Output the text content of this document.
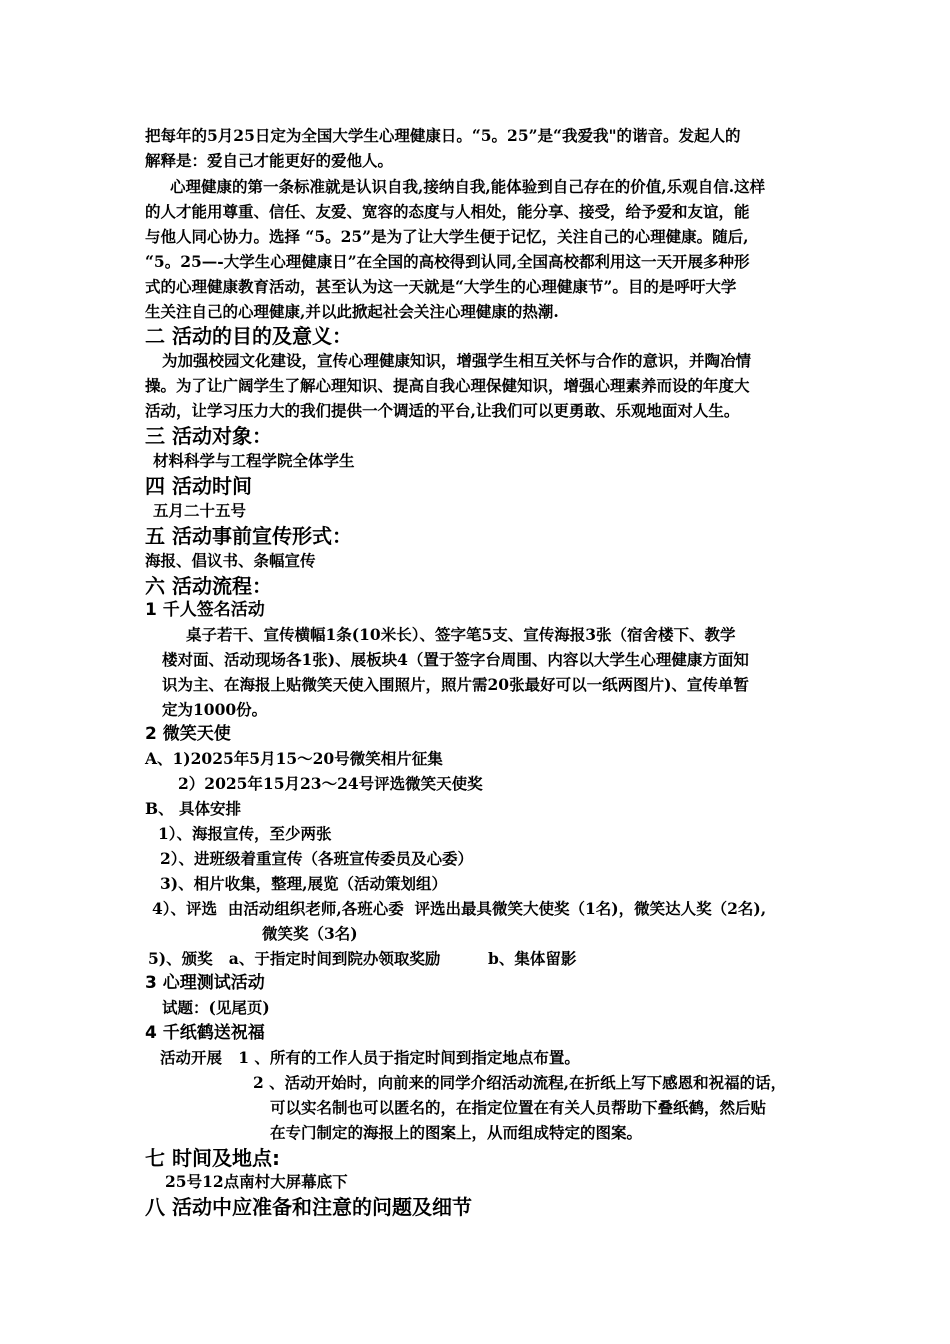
把每年的5月25日定为全国大学生心理健康日。“5。25”是“我爱我"的谐音。发起人的

解释是：爱自己才能更好的爱他人。

心理健康的第一条标准就是认识自我,接纳自我,能体验到自己存在的价值,乐观自信.这样

的人才能用尊重、信任、友爱、宽容的态度与人相处，能分享、接受，给予爱和友谊，能

与他人同心协力。选择 “5。25”是为了让大学生便于记忆，关注自己的心理健康。随后,

“5。25—-大学生心理健康日”在全国的高校得到认同,全国高校都利用这一天开展多种形

式的心理健康教育活动，甚至认为这一天就是“大学生的心理健康节”。目的是呼吁大学

生关注自己的心理健康,并以此掀起社会关注心理健康的热潮.

二 活动的目的及意义：

为加强校园文化建设，宣传心理健康知识，增强学生相互关怀与合作的意识，并陶冶情

操。为了让广阔学生了解心理知识、提高自我心理保健知识，增强心理素养而设的年度大

活动，让学习压力大的我们提供一个调适的平台,让我们可以更勇敢、乐观地面对人生。

三 活动对象：

材料科学与工程学院全体学生

四 活动时间

五月二十五号

五 活动事前宣传形式：

海报、倡议书、条幅宣传

六 活动流程：
1 千人签名活动

桌子若干、宣传横幅1条(10米长）、签字笔5支、宣传海报3张（宿舍楼下、教学

楼对面、活动现场各1张)、展板块4（置于签字台周围、内容以大学生心理健康方面知

识为主、在海报上贴微笑天使入围照片，照片需20张最好可以一纸两图片)、宣传单暂

定为1000份。

2 微笑天使

A、1)2025年5月15～20号微笑相片征集

2）2025年15月23～24号评选微笑天使奖

B、 具体安排

1）、海报宣传，至少两张

2）、进班级着重宣传（各班宣传委员及心委）

3)、相片收集，整理,展览（活动策划组）

4）、评选  由活动组织老师,各班心委  评选出最具微笑大使奖（1名)，微笑达人奖（2名),

微笑奖（3名)

5)、颁奖   a、于指定时间到院办领取奖励	b、集体留影

3 心理测试活动

试题：(见尾页)

4 千纸鹤送祝福

活动开展   1 、所有的工作人员于指定时间到指定地点布置。

2 、活动开始时，向前来的同学介绍活动流程,在折纸上写下感恩和祝福的话，

可以实名制也可以匿名的，在指定位置在有关人员帮助下叠纸鹤，然后贴

在专门制定的海报上的图案上，从而组成特定的图案。

七 时间及地点:

25号12点南村大屏幕底下

八 活动中应准备和注意的问题及细节
